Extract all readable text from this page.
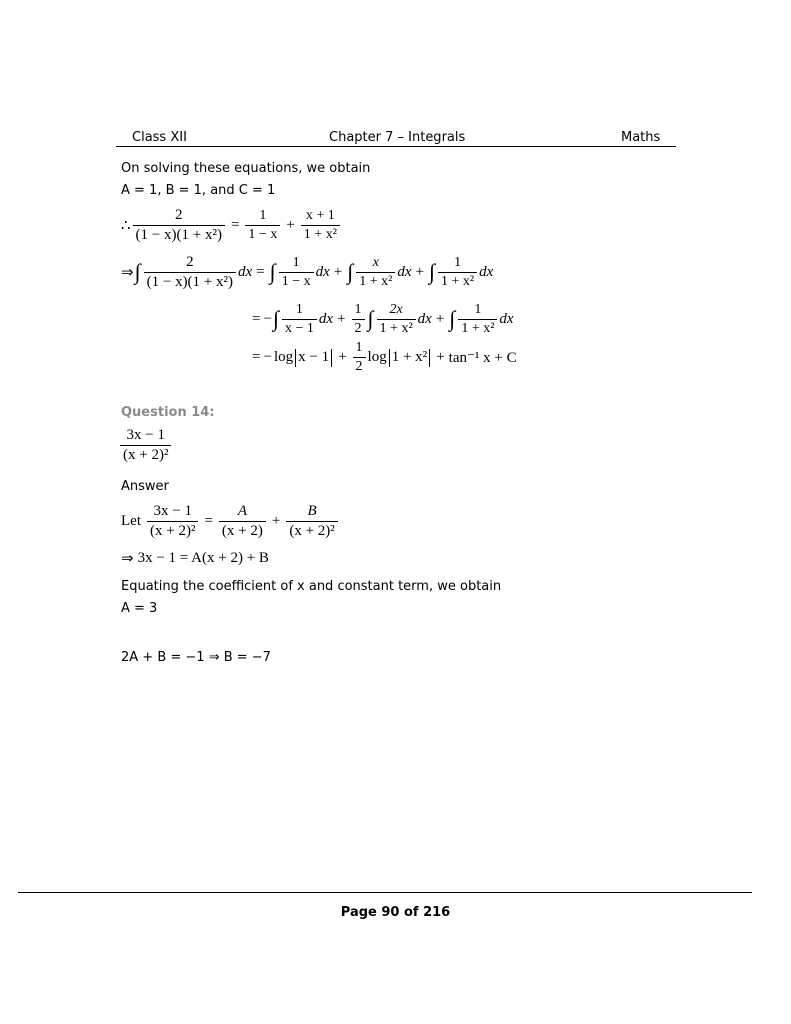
Class XII	Chapter 7 – Integrals	Maths
On solving these equations, we obtain
A = 1, B = 1, and C = 1
∴ $\frac{2}{\text{(1 − x)(1 + x²)}} = \frac{1}{1 - x} + \frac{x + 1}{\text{1 + x²}}$
⇒ ∫ $\frac{2}{\text{(1 − x)(1 + x²)}}$ dx = ∫ $\frac{1}{1 - x}$ dx + ∫ $\frac{x}{\text{1 + x²}}$ dx + ∫ $\frac{1}{\text{1 + x²}}$ dx
= − ∫ $\frac{1}{x - 1}$ dx + $\frac{1}{2}$ ∫ $\frac{2x}{\text{1 + x²}}$ dx + ∫ $\frac{1}{\text{1 + x²}}$ dx
= − $\log x - 1 + \frac{1}{2}$ log 1 + x² + tan⁻¹ x + C
Question 14:
$\frac{3x - 1}{\text{(x + 2)²}}$
Answer
Let $\frac{3x - 1}{\text{(x + 2)²}} = \frac{A}{(x + 2)} + \frac{B}{\text{(x + 2)²}}$
⇒ 3x − 1 = A(x + 2) + B
Equating the coefficient of x and constant term, we obtain
A = 3
2A + B = −1 ⇒ B = −7
Page 90 of 216
